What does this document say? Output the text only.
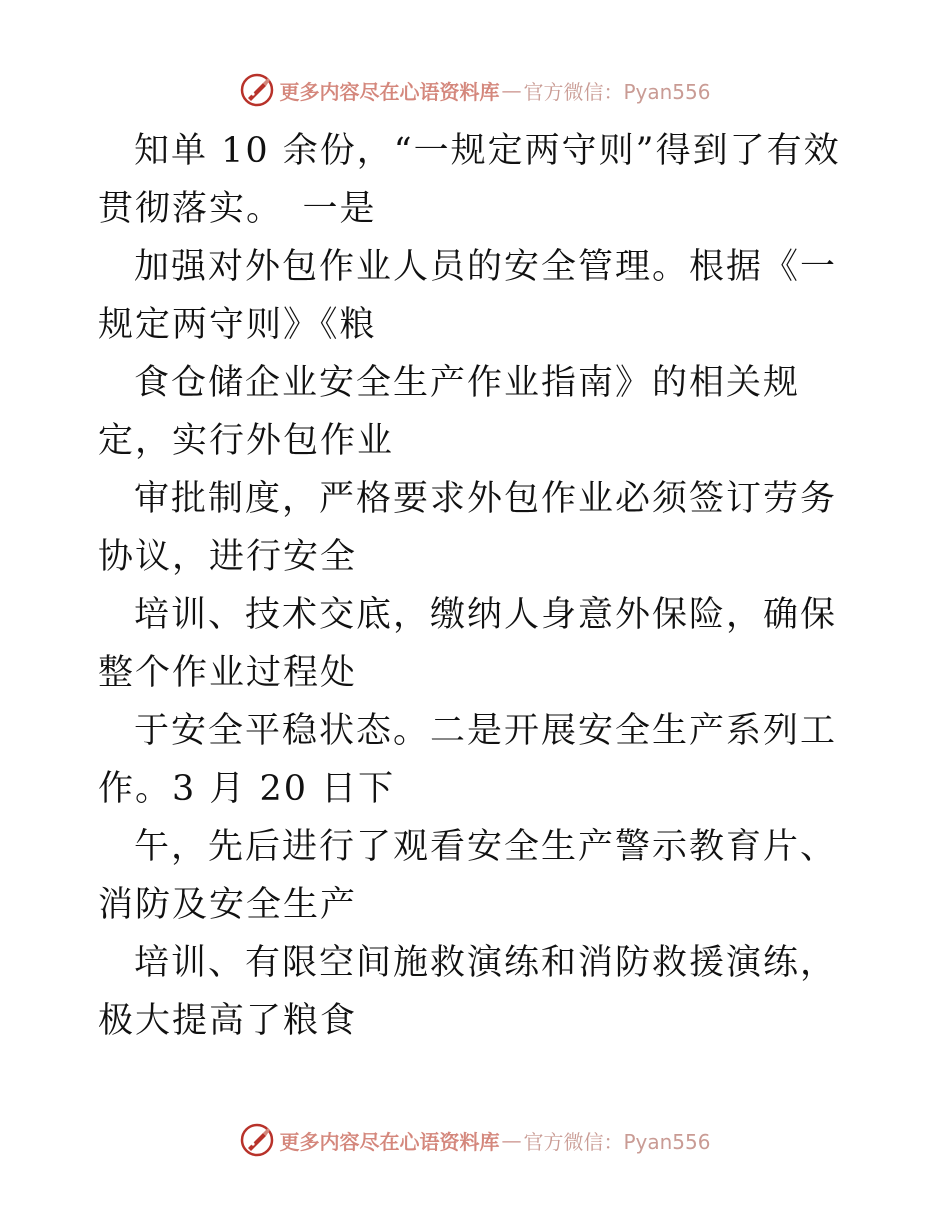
更多内容尽在心语资料库 — 官方微信：Pyan556

知单 10 余份，“一规定两守则”得到了有效贯彻落实。　一是

加强对外包作业人员的安全管理。根据《一规定两守则》《粮

食仓储企业安全生产作业指南》的相关规定，实行外包作业

审批制度，严格要求外包作业必须签订劳务协议，进行安全

培训、技术交底，缴纳人身意外保险，确保整个作业过程处

于安全平稳状态。二是开展安全生产系列工作。3 月 20 日下

午，先后进行了观看安全生产警示教育片、消防及安全生产

培训、有限空间施救演练和消防救援演练，极大提高了粮食

更多内容尽在心语资料库 — 官方微信：Pyan556
